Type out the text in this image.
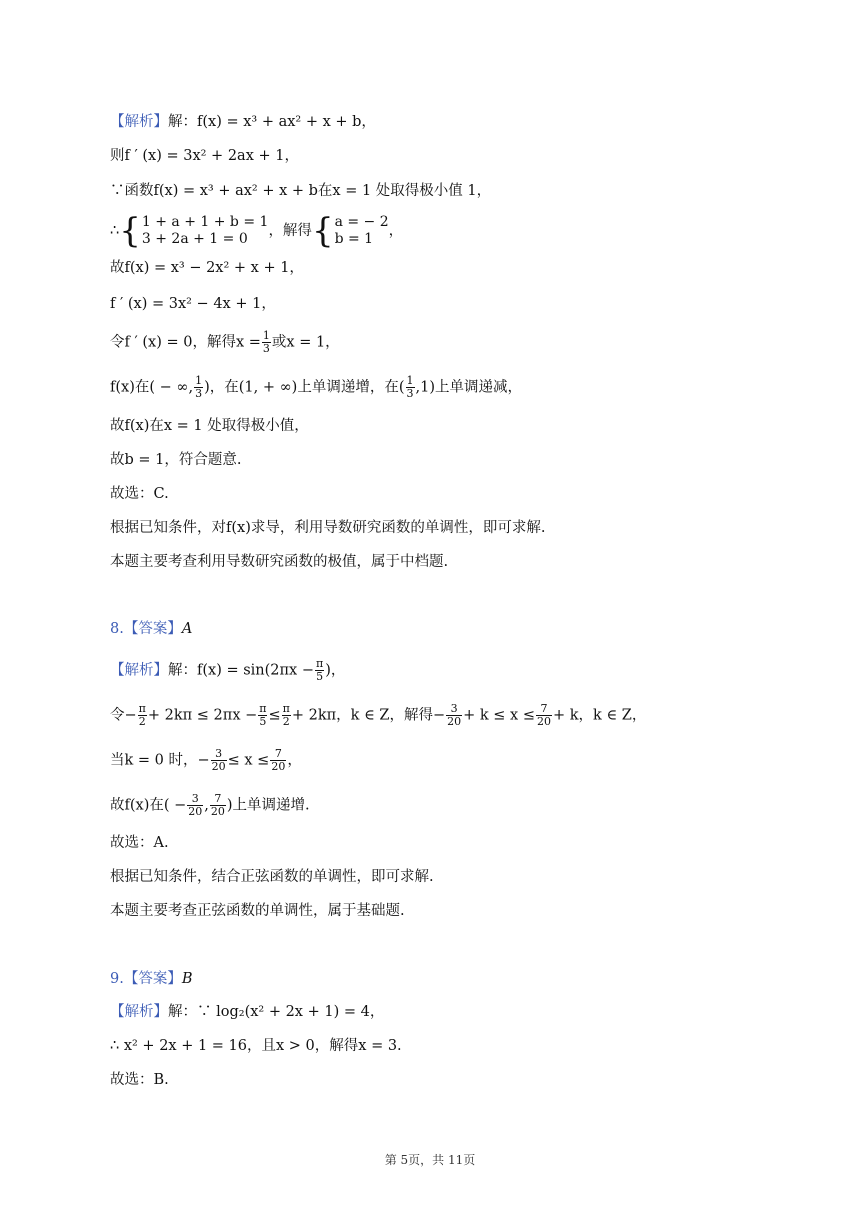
【解析】解：f(x) = x³ + ax² + x + b，
则f ′ (x) = 3x² + 2ax + 1，
∵函数f(x) = x³ + ax² + x + b在x = 1 处取得极小值 1，
∴{ 1 + a + 1 + b = 1
3 + 2a + 1 = 0	，解得{ a = − 2
b = 1	，
故f(x) = x³ − 2x² + x + 1，
f ′ (x) = 3x² − 4x + 1，
令f ′ (x) = 0，解得$x = \frac{1}{3}$ 或x = 1，
f(x)在( − ∞, $\frac{1}{3}$ )，在(1, + ∞)上单调递增，在( $\frac{1}{3} ,1$)上单调递减，
故f(x)在x = 1 处取得极小值，
故b = 1，符合题意.
故选：C.
根据已知条件，对f(x)求导，利用导数研究函数的单调性，即可求解.
本题主要考查利用导数研究函数的极值，属于中档题.
8.【答案】A
【解析】解：$f(x) = \sin(2\pi x - \frac{\pi}{5}$ )，
令− $\frac{\pi}{2} + 2k\pi \le 2\pi x - \frac{\pi}{5} \le \frac{\pi}{2} + 2k\pi$，k ∈ Z，解得− $\frac{3}{20} + k \le x \le \frac{7}{20} + k$，k ∈ Z，
当k = 0 时，− $\frac{3}{20} \le x \le \frac{7}{20}$ ，
故f(x)在( − $\frac{3}{20}$ , $\frac{7}{20}$ )上单调递增.
故选：A.
根据已知条件，结合正弦函数的单调性，即可求解.
本题主要考查正弦函数的单调性，属于基础题.
9.【答案】B
【解析】解：∵ log₂(x² + 2x + 1) = 4，
∴ x² + 2x + 1 = 16，且x > 0，解得x = 3.
故选：B.
第 5页，共 11页
